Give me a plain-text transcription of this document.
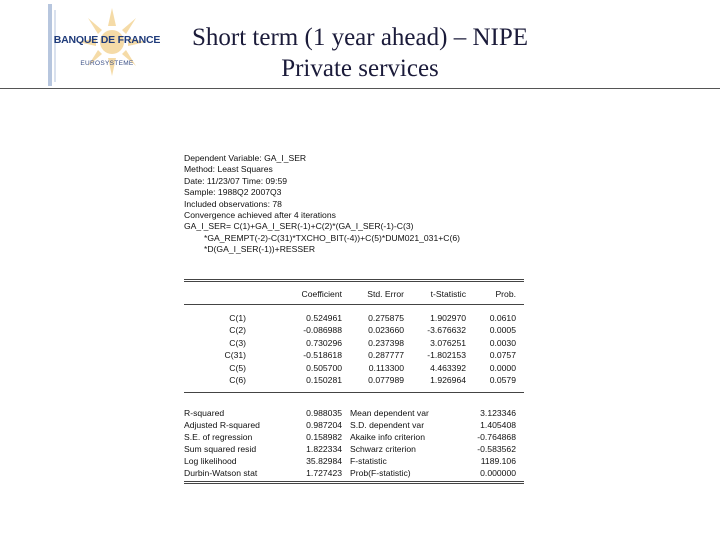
BANQUE DE FRANCE
EUROSYSTEME
Short term (1 year ahead) – NIPE
Private services
Dependent Variable: GA_I_SER
Method: Least Squares
Date: 11/23/07 Time: 09:59
Sample: 1988Q2 2007Q3
Included observations: 78
Convergence achieved after 4 iterations
GA_I_SER= C(1)+GA_I_SER(-1)+C(2)*(GA_I_SER(-1)-C(3)
*GA_REMPT(-2)-C(31)*TXCHO_BIT(-4))+C(5)*DUM021_031+C(6)
*D(GA_I_SER(-1))+RESSER
Coefficient	Std. Error	t-Statistic	Prob.
C(1)	0.524961	0.275875	1.902970	0.0610
C(2)	-0.086988	0.023660	-3.676632	0.0005
C(3)	0.730296	0.237398	3.076251	0.0030
C(31)	-0.518618	0.287777	-1.802153	0.0757
C(5)	0.505700	0.113300	4.463392	0.0000
C(6)	0.150281	0.077989	1.926964	0.0579
R-squared	0.988035 Mean dependent var	3.123346
Adjusted R-squared	0.987204 S.D. dependent var	1.405408
S.E. of regression	0.158982 Akaike info criterion	-0.764868
Sum squared resid	1.822334 Schwarz criterion	-0.583562
Log likelihood	35.82984 F-statistic	1189.106
Durbin-Watson stat	1.727423 Prob(F-statistic)	0.000000
